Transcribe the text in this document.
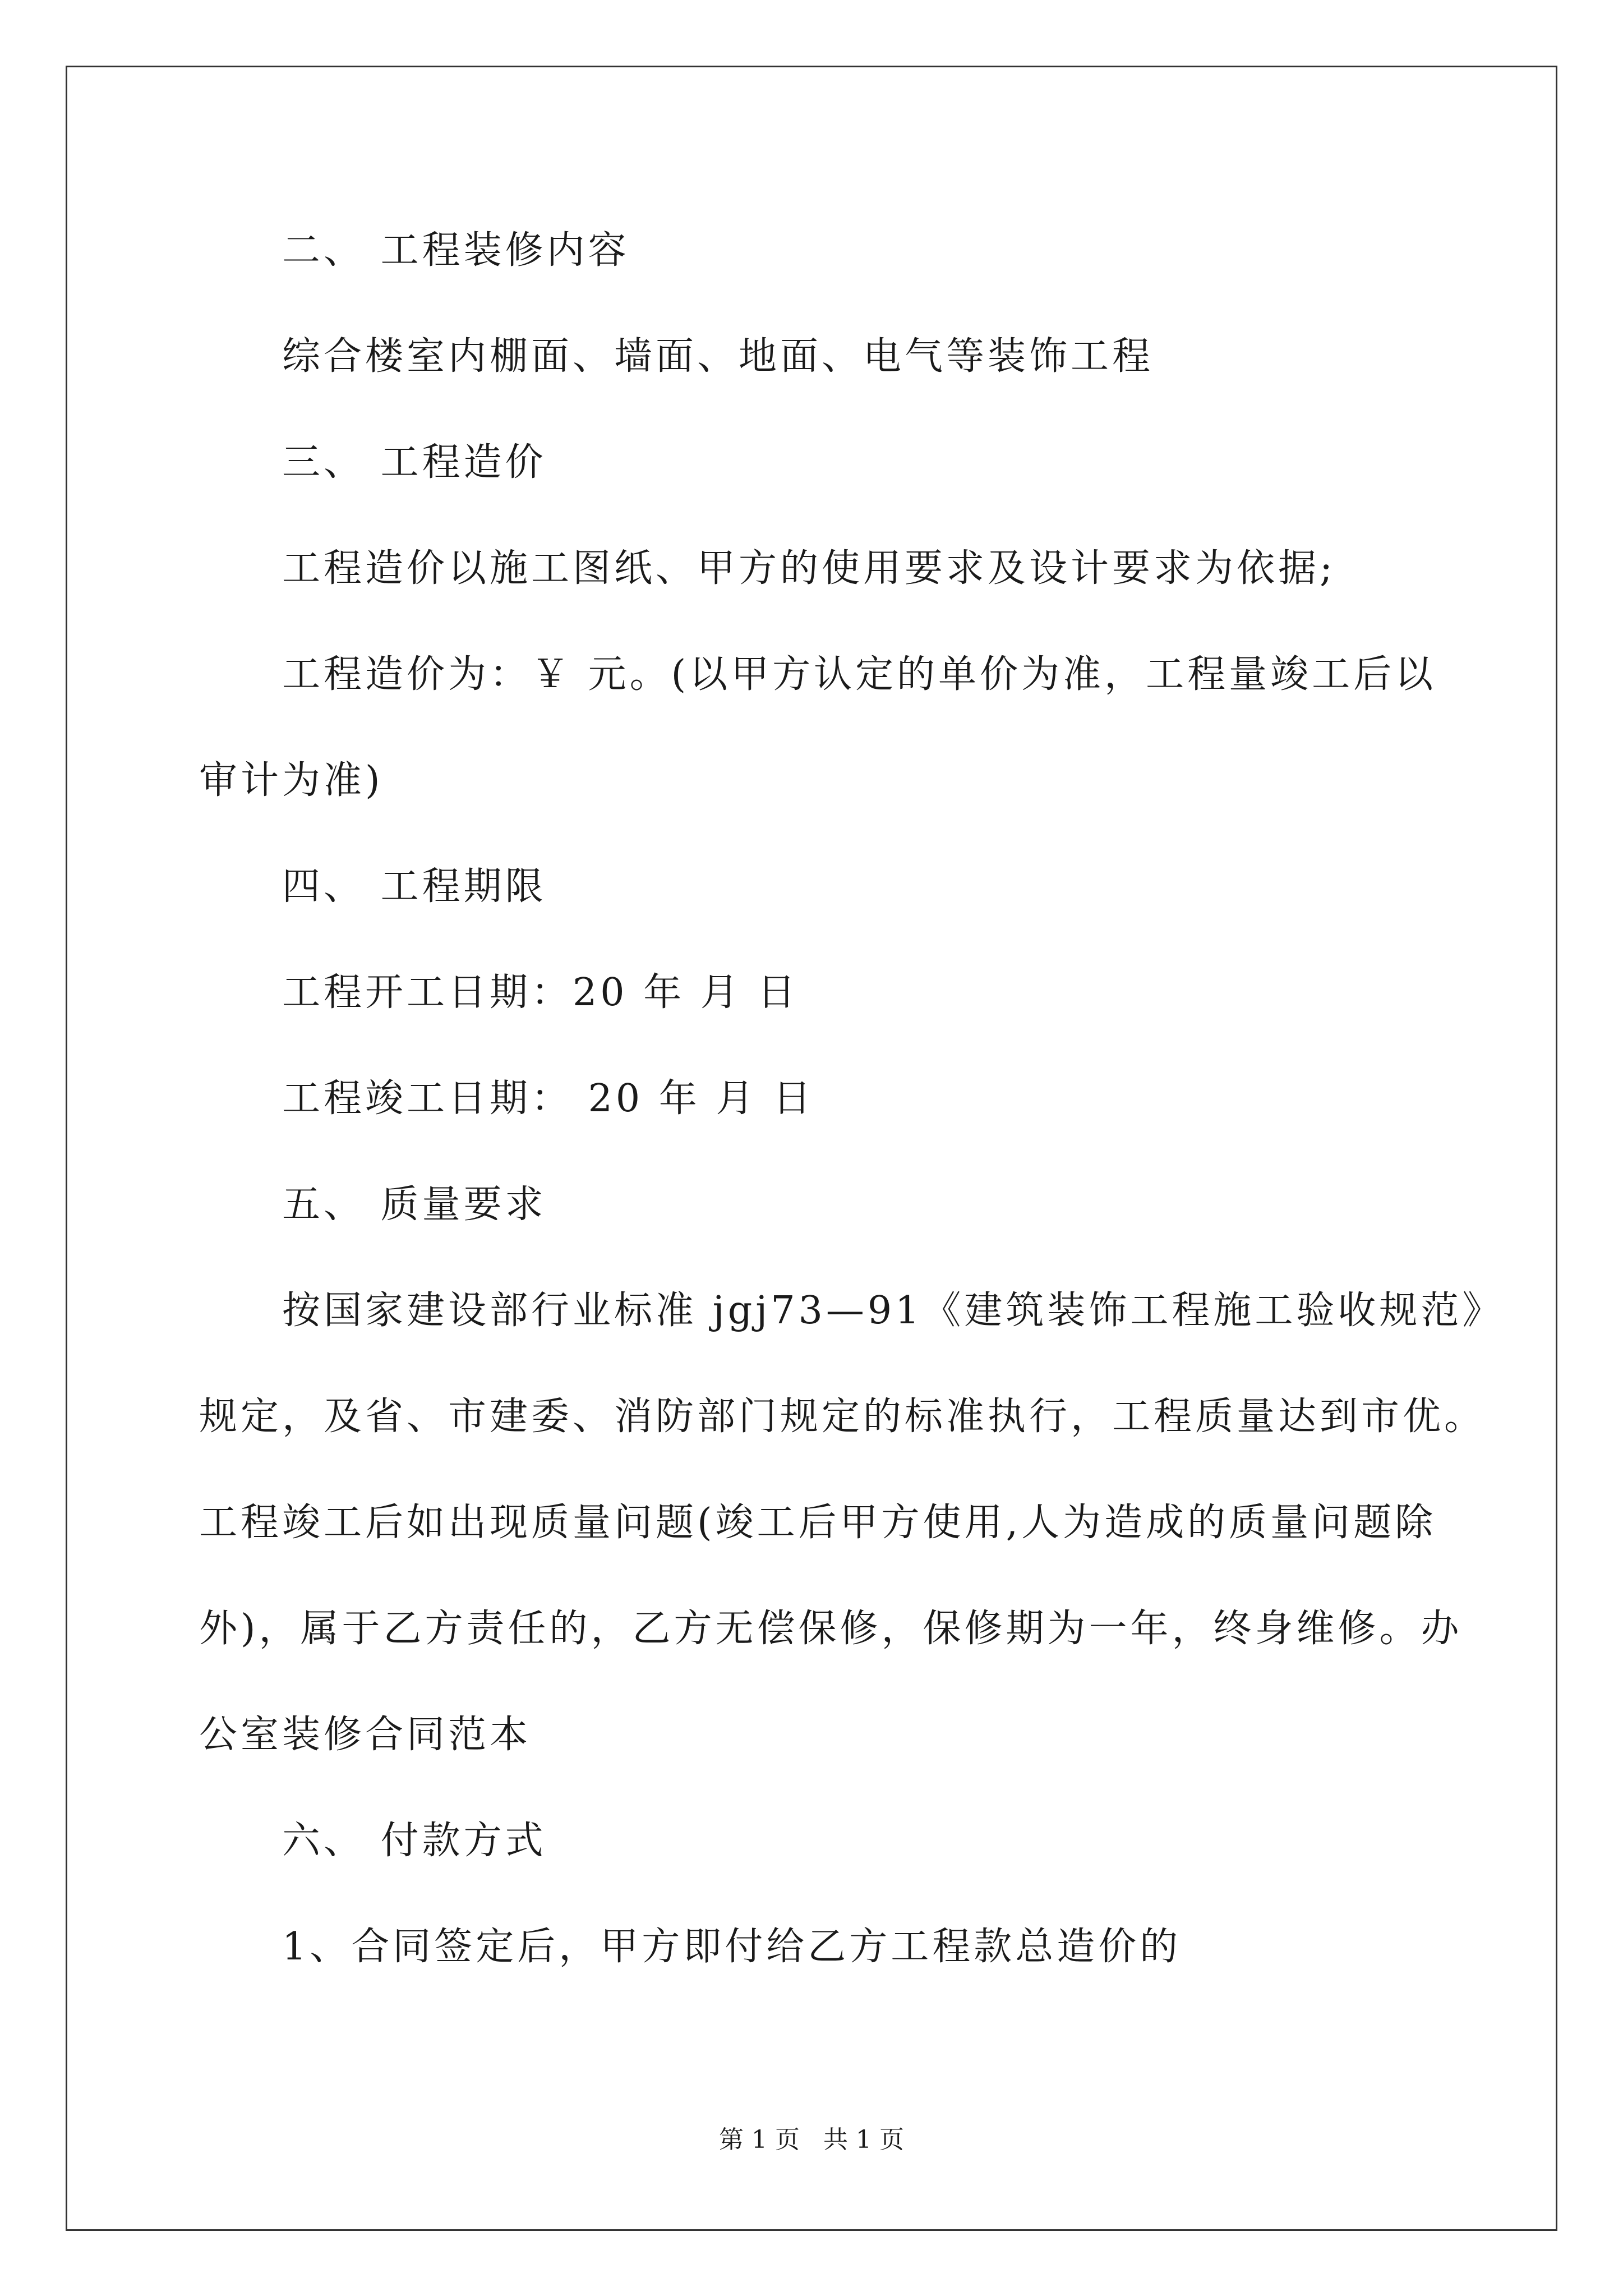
二、 工程装修内容
综合楼室内棚面、墙面、地面、电气等装饰工程
三、 工程造价
工程造价以施工图纸、甲方的使用要求及设计要求为依据;
工程造价为：￥ 元。(以甲方认定的单价为准，工程量竣工后以
审计为准)
四、 工程期限
工程开工日期：20 年 月 日
工程竣工日期： 20 年 月 日
五、 质量要求
按国家建设部行业标准 jgj73—91《建筑装饰工程施工验收规范》
规定，及省、市建委、消防部门规定的标准执行，工程质量达到市优。
工程竣工后如出现质量问题(竣工后甲方使用,人为造成的质量问题除
外)，属于乙方责任的，乙方无偿保修，保修期为一年，终身维修。办
公室装修合同范本
六、 付款方式
1、合同签定后，甲方即付给乙方工程款总造价的
第 1 页 共 1 页
